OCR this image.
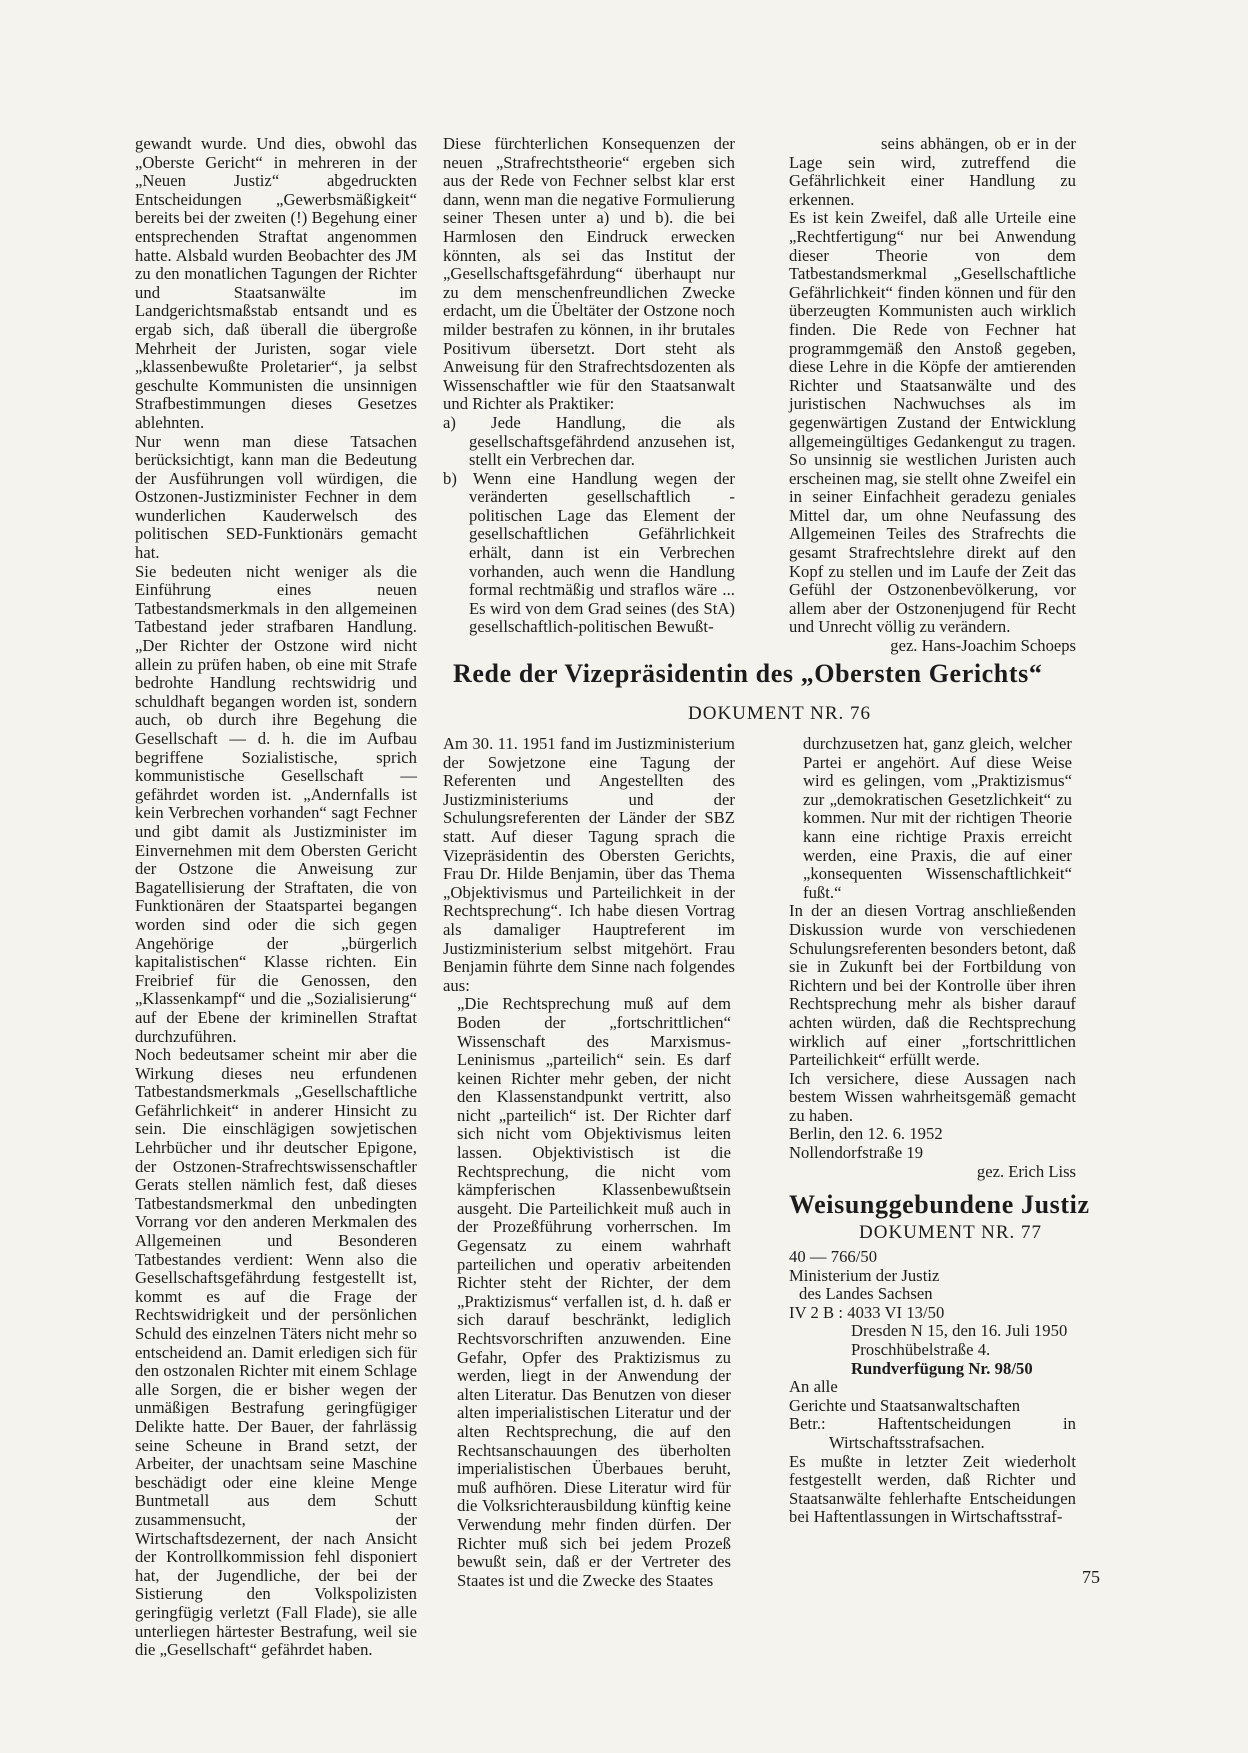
gewandt wurde. Und dies, obwohl das „Oberste Gericht“ in mehreren in der „Neuen Justiz“ abgedruckten Entscheidungen „Gewerbsmäßigkeit“ bereits bei der zweiten (!) Begehung einer entsprechenden Straftat angenommen hatte. Alsbald wurden Beobachter des JM zu den monatlichen Tagungen der Richter und Staatsanwälte im Landgerichtsmaßstab entsandt und es ergab sich, daß überall die übergroße Mehrheit der Juristen, sogar viele „klassenbewußte Proletarier“, ja selbst geschulte Kommunisten die unsinnigen Strafbestimmungen dieses Gesetzes ablehnten.

Nur wenn man diese Tatsachen berücksichtigt, kann man die Bedeutung der Ausführungen voll würdigen, die Ostzonen-Justizminister Fechner in dem wunderlichen Kauderwelsch des politischen SED-Funktionärs gemacht hat.

Sie bedeuten nicht weniger als die Einführung eines neuen Tatbestandsmerkmals in den allgemeinen Tatbestand jeder strafbaren Handlung. „Der Richter der Ostzone wird nicht allein zu prüfen haben, ob eine mit Strafe bedrohte Handlung rechtswidrig und schuldhaft begangen worden ist, sondern auch, ob durch ihre Begehung die Gesellschaft — d. h. die im Aufbau begriffene Sozialistische, sprich kommunistische Gesellschaft — gefährdet worden ist. „Andernfalls ist kein Verbrechen vorhanden“ sagt Fechner und gibt damit als Justizminister im Einvernehmen mit dem Obersten Gericht der Ostzone die Anweisung zur Bagatellisierung der Straftaten, die von Funktionären der Staatspartei begangen worden sind oder die sich gegen Angehörige der „bürgerlich kapitalistischen“ Klasse richten. Ein Freibrief für die Genossen, den „Klassenkampf“ und die „Sozialisierung“ auf der Ebene der kriminellen Straftat durchzuführen.

Noch bedeutsamer scheint mir aber die Wirkung dieses neu erfundenen Tatbestandsmerkmals „Gesellschaftliche Gefährlichkeit“ in anderer Hinsicht zu sein. Die einschlägigen sowjetischen Lehrbücher und ihr deutscher Epigone, der Ostzonen-Strafrechtswissenschaftler Gerats stellen nämlich fest, daß dieses Tatbestandsmerkmal den unbedingten Vorrang vor den anderen Merkmalen des Allgemeinen und Besonderen Tatbestandes verdient: Wenn also die Gesellschaftsgefährdung festgestellt ist, kommt es auf die Frage der Rechtswidrigkeit und der persönlichen Schuld des einzelnen Täters nicht mehr so entscheidend an. Damit erledigen sich für den ostzonalen Richter mit einem Schlage alle Sorgen, die er bisher wegen der unmäßigen Bestrafung geringfügiger Delikte hatte. Der Bauer, der fahrlässig seine Scheune in Brand setzt, der Arbeiter, der unachtsam seine Maschine beschädigt oder eine kleine Menge Buntmetall aus dem Schutt zusammensucht, der Wirtschaftsdezernent, der nach Ansicht der Kontrollkommission fehl disponiert hat, der Jugendliche, der bei der Sistierung den Volkspolizisten geringfügig verletzt (Fall Flade), sie alle unterliegen härtester Bestrafung, weil sie die „Gesellschaft“ gefährdet haben.

Diese fürchterlichen Konsequenzen der neuen „Strafrechtstheorie“ ergeben sich aus der Rede von Fechner selbst klar erst dann, wenn man die negative Formulierung seiner Thesen unter a) und b). die bei Harmlosen den Eindruck erwecken könnten, als sei das Institut der „Gesellschaftsgefährdung“ überhaupt nur zu dem menschenfreundlichen Zwecke erdacht, um die Übeltäter der Ostzone noch milder bestrafen zu können, in ihr brutales Positivum übersetzt. Dort steht als Anweisung für den Strafrechtsdozenten als Wissenschaftler wie für den Staatsanwalt und Richter als Praktiker:

a) Jede Handlung, die als gesellschaftsgefährdend anzusehen ist, stellt ein Verbrechen dar.

b) Wenn eine Handlung wegen der veränderten gesellschaftlich - politischen Lage das Element der gesellschaftlichen Gefährlichkeit erhält, dann ist ein Verbrechen vorhanden, auch wenn die Handlung formal rechtmäßig und straflos wäre ... Es wird von dem Grad seines (des StA) gesellschaftlich-politischen Bewußt-

seins abhängen, ob er in der Lage sein wird, zutreffend die Gefährlichkeit einer Handlung zu erkennen.

Es ist kein Zweifel, daß alle Urteile eine „Rechtfertigung“ nur bei Anwendung dieser Theorie von dem Tatbestandsmerkmal „Gesellschaftliche Gefährlichkeit“ finden können und für den überzeugten Kommunisten auch wirklich finden. Die Rede von Fechner hat programmgemäß den Anstoß gegeben, diese Lehre in die Köpfe der amtierenden Richter und Staatsanwälte und des juristischen Nachwuchses als im gegenwärtigen Zustand der Entwicklung allgemeingültiges Gedankengut zu tragen. So unsinnig sie westlichen Juristen auch erscheinen mag, sie stellt ohne Zweifel ein in seiner Einfachheit geradezu geniales Mittel dar, um ohne Neufassung des Allgemeinen Teiles des Strafrechts die gesamt Strafrechtslehre direkt auf den Kopf zu stellen und im Laufe der Zeit das Gefühl der Ostzonenbevölkerung, vor allem aber der Ostzonenjugend für Recht und Unrecht völlig zu verändern.

gez. Hans-Joachim Schoeps

Rede der Vizepräsidentin des „Obersten Gerichts“

DOKUMENT NR. 76

Am 30. 11. 1951 fand im Justizministerium der Sowjetzone eine Tagung der Referenten und Angestellten des Justizministeriums und der Schulungsreferenten der Länder der SBZ statt. Auf dieser Tagung sprach die Vizepräsidentin des Obersten Gerichts, Frau Dr. Hilde Benjamin, über das Thema „Objektivismus und Parteilichkeit in der Rechtsprechung“. Ich habe diesen Vortrag als damaliger Hauptreferent im Justizministerium selbst mitgehört. Frau Benjamin führte dem Sinne nach folgendes aus:

„Die Rechtsprechung muß auf dem Boden der „fortschrittlichen“ Wissenschaft des Marxismus-Leninismus „parteilich“ sein. Es darf keinen Richter mehr geben, der nicht den Klassenstandpunkt vertritt, also nicht „parteilich“ ist. Der Richter darf sich nicht vom Objektivismus leiten lassen. Objektivistisch ist die Rechtsprechung, die nicht vom kämpferischen Klassenbewußtsein ausgeht. Die Parteilichkeit muß auch in der Prozeßführung vorherrschen. Im Gegensatz zu einem wahrhaft parteilichen und operativ arbeitenden Richter steht der Richter, der dem „Praktizismus“ verfallen ist, d. h. daß er sich darauf beschränkt, lediglich Rechtsvorschriften anzuwenden. Eine Gefahr, Opfer des Praktizismus zu werden, liegt in der Anwendung der alten Literatur. Das Benutzen von dieser alten imperialistischen Literatur und der alten Rechtsprechung, die auf den Rechtsanschauungen des überholten imperialistischen Überbaues beruht, muß aufhören. Diese Literatur wird für die Volksrichterausbildung künftig keine Verwendung mehr finden dürfen. Der Richter muß sich bei jedem Prozeß bewußt sein, daß er der Vertreter des Staates ist und die Zwecke des Staates

durchzusetzen hat, ganz gleich, welcher Partei er angehört. Auf diese Weise wird es gelingen, vom „Praktizismus“ zur „demokratischen Gesetzlichkeit“ zu kommen. Nur mit der richtigen Theorie kann eine richtige Praxis erreicht werden, eine Praxis, die auf einer „konsequenten Wissenschaftlichkeit“ fußt.“

In der an diesen Vortrag anschließenden Diskussion wurde von verschiedenen Schulungsreferenten besonders betont, daß sie in Zukunft bei der Fortbildung von Richtern und bei der Kontrolle über ihren Rechtsprechung mehr als bisher darauf achten würden, daß die Rechtsprechung wirklich auf einer „fortschrittlichen Parteilichkeit“ erfüllt werde.

Ich versichere, diese Aussagen nach bestem Wissen wahrheitsgemäß gemacht zu haben.

Berlin, den 12. 6. 1952

Nollendorfstraße 19

gez. Erich Liss

Weisunggebundene Justiz

DOKUMENT NR. 77

40 — 766/50

Ministerium der Justiz

des Landes Sachsen

IV 2 B : 4033 VI 13/50

Dresden N 15, den 16. Juli 1950

Proschhübelstraße 4.

Rundverfügung Nr. 98/50

An alle

Gerichte und Staatsanwaltschaften

Betr.: Haftentscheidungen in Wirtschaftsstrafsachen.

Es mußte in letzter Zeit wiederholt festgestellt werden, daß Richter und Staatsanwälte fehlerhafte Entscheidungen bei Haftentlassungen in Wirtschaftsstraf-

75
